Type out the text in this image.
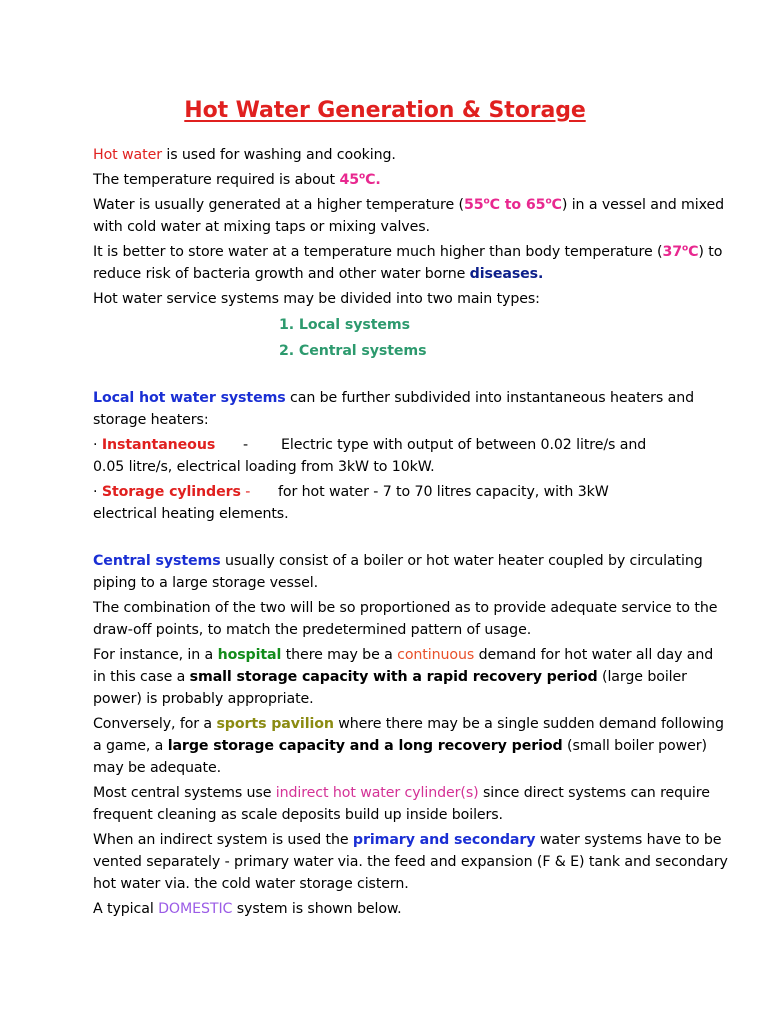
Hot Water Generation & Storage

Hot water is used for washing and cooking.

The temperature required is about 45$^o$C.

Water is usually generated at a higher temperature (55$^o$C to 65$^o$C) in a vessel and mixed with cold water at mixing taps or mixing valves.

It is better to store water at a temperature much higher than body temperature (37$^o$C) to reduce risk of bacteria growth and other water borne diseases.

Hot water service systems may be divided into two main types:

1. Local systems
2. Central systems

Local hot water systems can be further subdivided into instantaneous heaters and storage heaters:

· Instantaneous - Electric type with output of between 0.02 litre/s and
0.05 litre/s, electrical loading from 3kW to 10kW.

· Storage cylinders - for hot water - 7 to 70 litres capacity, with 3kW
electrical heating elements.

Central systems usually consist of a boiler or hot water heater coupled by circulating piping to a large storage vessel.

The combination of the two will be so proportioned as to provide adequate service to the draw-off points, to match the predetermined pattern of usage.

For instance, in a hospital there may be a continuous demand for hot water all day and in this case a small storage capacity with a rapid recovery period (large boiler power) is probably appropriate.

Conversely, for a sports pavilion where there may be a single sudden demand following a game, a large storage capacity and a long recovery period (small boiler power) may be adequate.

Most central systems use indirect hot water cylinder(s) since direct systems can require frequent cleaning as scale deposits build up inside boilers.

When an indirect system is used the primary and secondary water systems have to be vented separately - primary water via. the feed and expansion (F & E) tank and secondary hot water via. the cold water storage cistern.

A typical DOMESTIC system is shown below.
